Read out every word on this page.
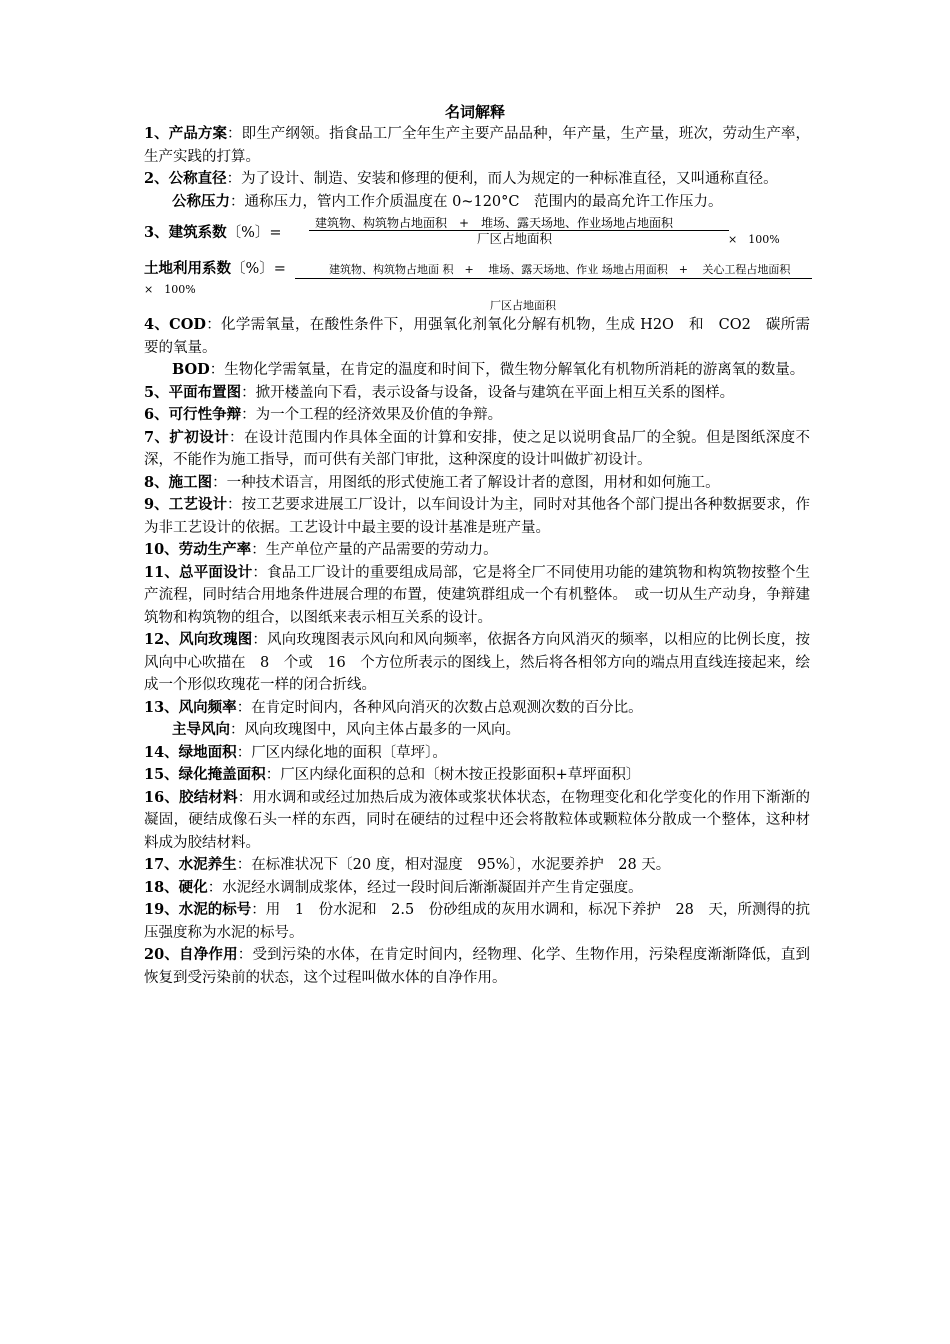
名词解释

1、产品方案：即生产纲领。指食品工厂全年生产主要产品品种，年产量，生产量，班次，劳动生产率，生产实践的打算。

2、公称直径：为了设计、制造、安装和修理的便利，而人为规定的一种标准直径，又叫通称直径。

公称压力：通称压力，管内工作介质温度在 0~120°C　范围内的最高允许工作压力。

3、建筑系数〔%〕=
建筑物、构筑物占地面积　+　堆场、露天场地、作业场地占地面积
厂区占地面积	×　100%
土地利用系数〔%〕=	建筑物、构筑物占地面 积　+　 堆场、露天场地、作业 场地占用面积　+　 关心工程占地面积
×　100%
厂区占地面积

4、COD：化学需氧量，在酸性条件下，用强氧化剂氧化分解有机物，生成 H2O　和　CO2　碳所需要的氧量。

BOD：生物化学需氧量，在肯定的温度和时间下，微生物分解氧化有机物所消耗的游离氧的数量。

5、平面布置图：掀开楼盖向下看，表示设备与设备，设备与建筑在平面上相互关系的图样。

6、可行性争辩：为一个工程的经济效果及价值的争辩。

7、扩初设计：在设计范围内作具体全面的计算和安排，使之足以说明食品厂的全貌。但是图纸深度不深，不能作为施工指导，而可供有关部门审批，这种深度的设计叫做扩初设计。

8、施工图：一种技术语言，用图纸的形式使施工者了解设计者的意图，用材和如何施工。

9、工艺设计：按工艺要求进展工厂设计，以车间设计为主，同时对其他各个部门提出各种数据要求，作为非工艺设计的依据。工艺设计中最主要的设计基准是班产量。

10、劳动生产率：生产单位产量的产品需要的劳动力。

11、总平面设计：食品工厂设计的重要组成局部，它是将全厂不同使用功能的建筑物和构筑物按整个生产流程，同时结合用地条件进展合理的布置，使建筑群组成一个有机整体。　或一切从生产动身，争辩建筑物和构筑物的组合，以图纸来表示相互关系的设计。

12、风向玫瑰图：风向玫瑰图表示风向和风向频率，依据各方向风消灭的频率，以相应的比例长度，按风向中心吹描在　8　个或　16　个方位所表示的图线上，然后将各相邻方向的端点用直线连接起来，绘成一个形似玫瑰花一样的闭合折线。

13、风向频率：在肯定时间内，各种风向消灭的次数占总观测次数的百分比。

主导风向：风向玫瑰图中，风向主体占最多的一风向。

14、绿地面积：厂区内绿化地的面积〔草坪〕。

15、绿化掩盖面积：厂区内绿化面积的总和〔树木按正投影面积+草坪面积〕

16、胶结材料：用水调和或经过加热后成为液体或浆状体状态，在物理变化和化学变化的作用下渐渐的凝固，硬结成像石头一样的东西，同时在硬结的过程中还会将散粒体或颗粒体分散成一个整体，这种材料成为胶结材料。

17、水泥养生：在标准状况下〔20 度，相对湿度　95%〕，水泥要养护　28 天。

18、硬化：水泥经水调制成浆体，经过一段时间后渐渐凝固并产生肯定强度。

19、水泥的标号：用　1　份水泥和　2.5　份砂组成的灰用水调和，标况下养护　28　天，所测得的抗压强度称为水泥的标号。

20、自净作用：受到污染的水体，在肯定时间内，经物理、化学、生物作用，污染程度渐渐降低，直到恢复到受污染前的状态，这个过程叫做水体的自净作用。
